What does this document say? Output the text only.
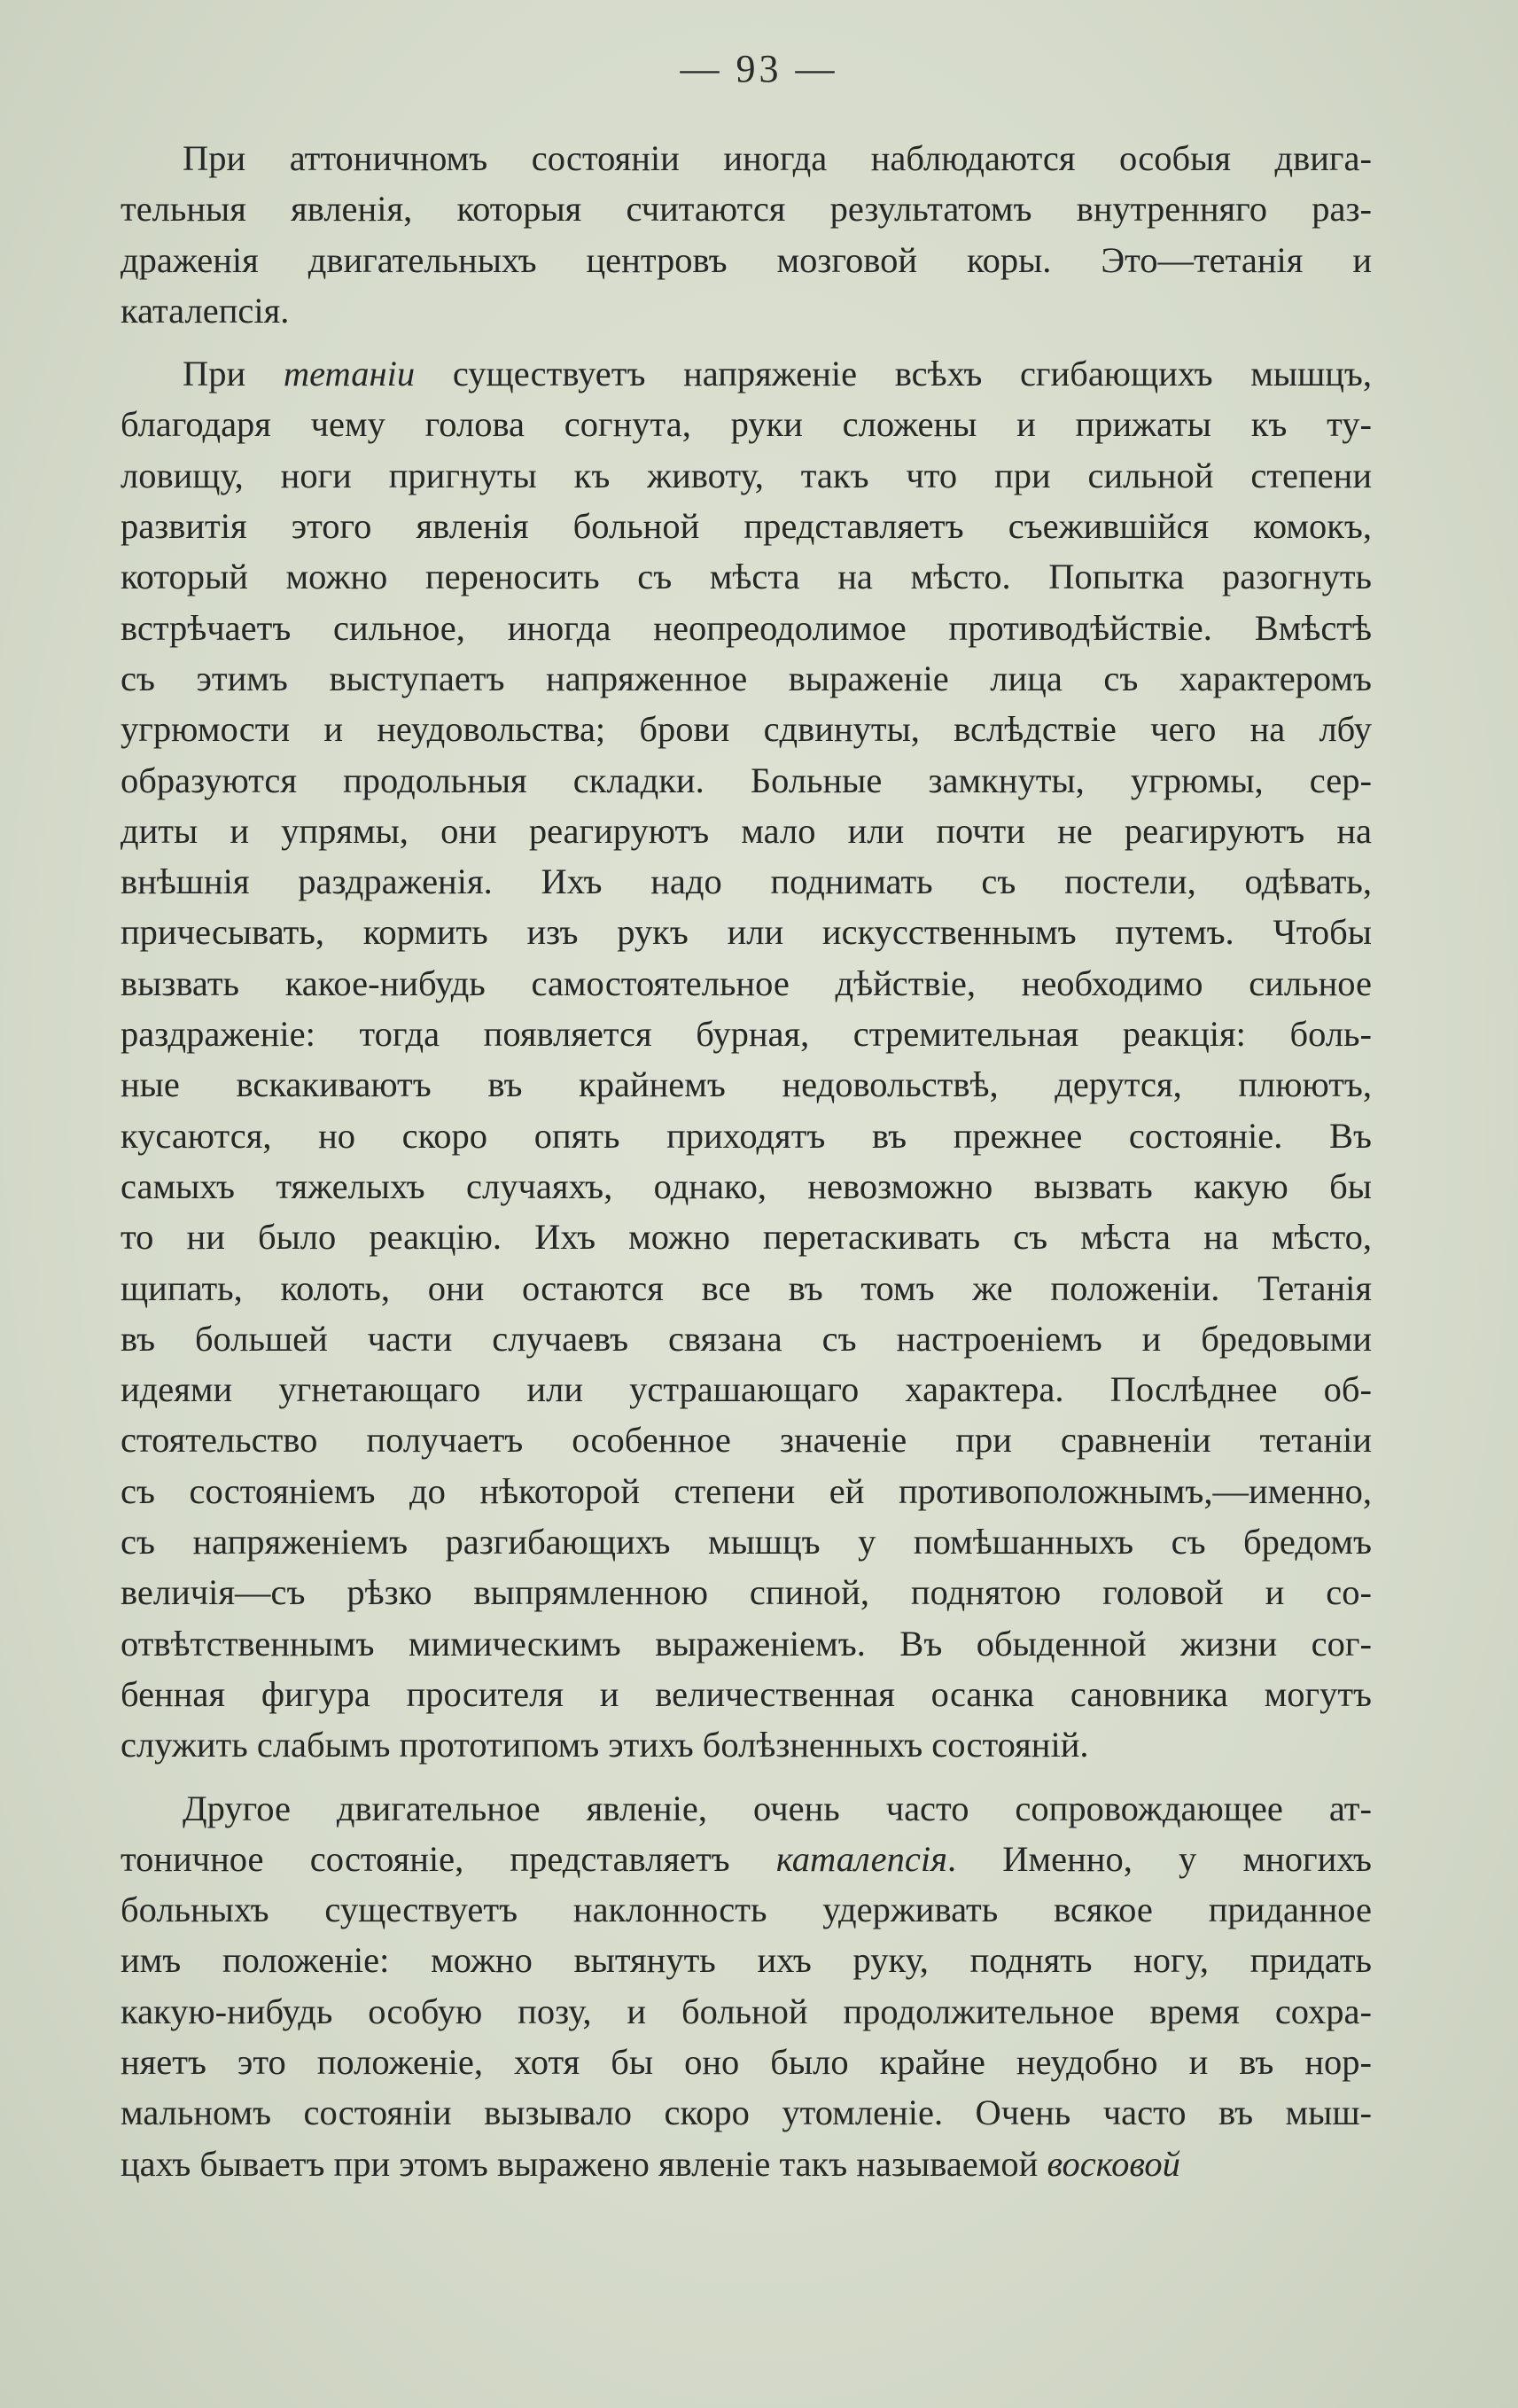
— 93 —
При аттоничномъ состоянiи иногда наблюдаются особыя двига-
тельныя явленiя, которыя считаются результатомъ внутренняго раз-
драженiя двигательныхъ центровъ мозговой коры. Это—тетанiя и
каталепсiя.
При тетанiи существуетъ напряженiе всѣхъ сгибающихъ мышцъ,
благодаря чему голова согнута, руки сложены и прижаты къ ту-
ловищу, ноги пригнуты къ животу, такъ что при сильной степени
развитiя этого явленiя больной представляетъ съежившiйся комокъ,
который можно переносить съ мѣста на мѣсто. Попытка разогнуть
встрѣчаетъ сильное, иногда неопреодолимое противодѣйствiе. Вмѣстѣ
съ этимъ выступаетъ напряженное выраженiе лица съ характеромъ
угрюмости и неудовольства; брови сдвинуты, вслѣдствiе чего на лбу
образуются продольныя складки. Больные замкнуты, угрюмы, сер-
диты и упрямы, они реагируютъ мало или почти не реагируютъ на
внѣшнiя раздраженiя. Ихъ надо поднимать съ постели, одѣвать,
причесывать, кормить изъ рукъ или искусственнымъ путемъ. Чтобы
вызвать какое-нибудь самостоятельное дѣйствiе, необходимо сильное
раздраженiе: тогда появляется бурная, стремительная реакцiя: боль-
ные вскакиваютъ въ крайнемъ недовольствѣ, дерутся, плюютъ,
кусаются, но скоро опять приходятъ въ прежнее состоянiе. Въ
самыхъ тяжелыхъ случаяхъ, однако, невозможно вызвать какую бы
то ни было реакцiю. Ихъ можно перетаскивать съ мѣста на мѣсто,
щипать, колоть, они остаются все въ томъ же положенiи. Тетанiя
въ большей части случаевъ связана съ настроенiемъ и бредовыми
идеями угнетающаго или устрашающаго характера. Послѣднее об-
стоятельство получаетъ особенное значенiе при сравненiи тетанiи
съ состоянiемъ до нѣкоторой степени ей противоположнымъ,—именно,
съ напряженiемъ разгибающихъ мышцъ у помѣшанныхъ съ бредомъ
величiя—съ рѣзко выпрямленною спиной, поднятою головой и со-
отвѣтственнымъ мимическимъ выраженiемъ. Въ обыденной жизни сог-
бенная фигура просителя и величественная осанка сановника могутъ
служить слабымъ прототипомъ этихъ болѣзненныхъ состоянiй.
Другое двигательное явленiе, очень часто сопровождающее ат-
тоничное состоянiе, представляетъ каталепсiя. Именно, у многихъ
больныхъ существуетъ наклонность удерживать всякое приданное
имъ положенiе: можно вытянуть ихъ руку, поднять ногу, придать
какую-нибудь особую позу, и больной продолжительное время сохра-
няетъ это положенiе, хотя бы оно было крайне неудобно и въ нор-
мальномъ состоянiи вызывало скоро утомленiе. Очень часто въ мыш-
цахъ бываетъ при этомъ выражено явленiе такъ называемой восковой
